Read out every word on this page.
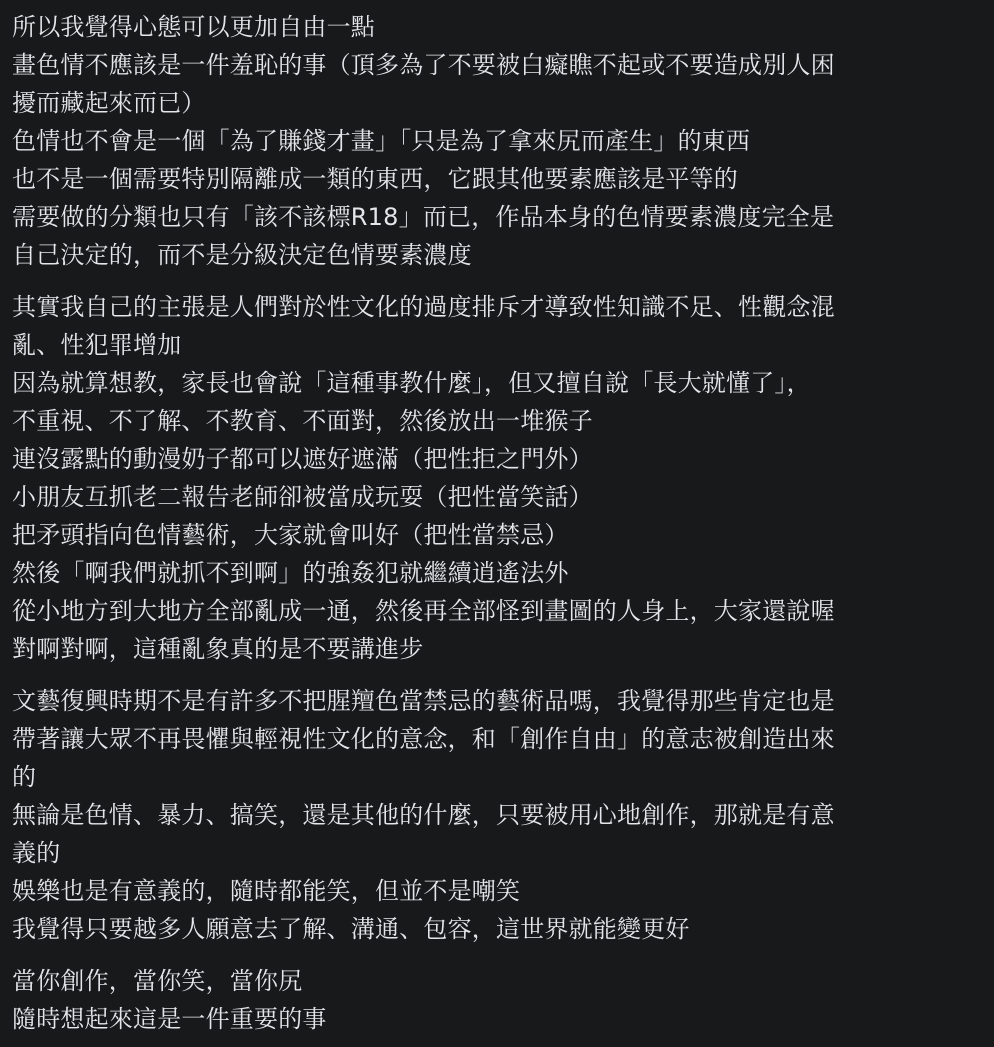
所以我覺得心態可以更加自由一點
畫色情不應該是一件羞恥的事（頂多為了不要被白癡瞧不起或不要造成別人困
擾而藏起來而已）
色情也不會是一個「為了賺錢才畫」「只是為了拿來尻而產生」的東西
也不是一個需要特別隔離成一類的東西，它跟其他要素應該是平等的
需要做的分類也只有「該不該標R18」而已，作品本身的色情要素濃度完全是
自己決定的，而不是分級決定色情要素濃度
其實我自己的主張是人們對於性文化的過度排斥才導致性知識不足、性觀念混
亂、性犯罪增加
因為就算想教，家長也會說「這種事教什麼」，但又擅自說「長大就懂了」，
不重視、不了解、不教育、不面對，然後放出一堆猴子
連沒露點的動漫奶子都可以遮好遮滿（把性拒之門外）
小朋友互抓老二報告老師卻被當成玩耍（把性當笑話）
把矛頭指向色情藝術，大家就會叫好（把性當禁忌）
然後「啊我們就抓不到啊」的強姦犯就繼續逍遙法外
從小地方到大地方全部亂成一通，然後再全部怪到畫圖的人身上，大家還說喔
對啊對啊，這種亂象真的是不要講進步
文藝復興時期不是有許多不把腥羶色當禁忌的藝術品嗎，我覺得那些肯定也是
帶著讓大眾不再畏懼與輕視性文化的意念，和「創作自由」的意志被創造出來
的
無論是色情、暴力、搞笑，還是其他的什麼，只要被用心地創作，那就是有意
義的
娛樂也是有意義的，隨時都能笑，但並不是嘲笑
我覺得只要越多人願意去了解、溝通、包容，這世界就能變更好
當你創作，當你笑，當你尻
隨時想起來這是一件重要的事
